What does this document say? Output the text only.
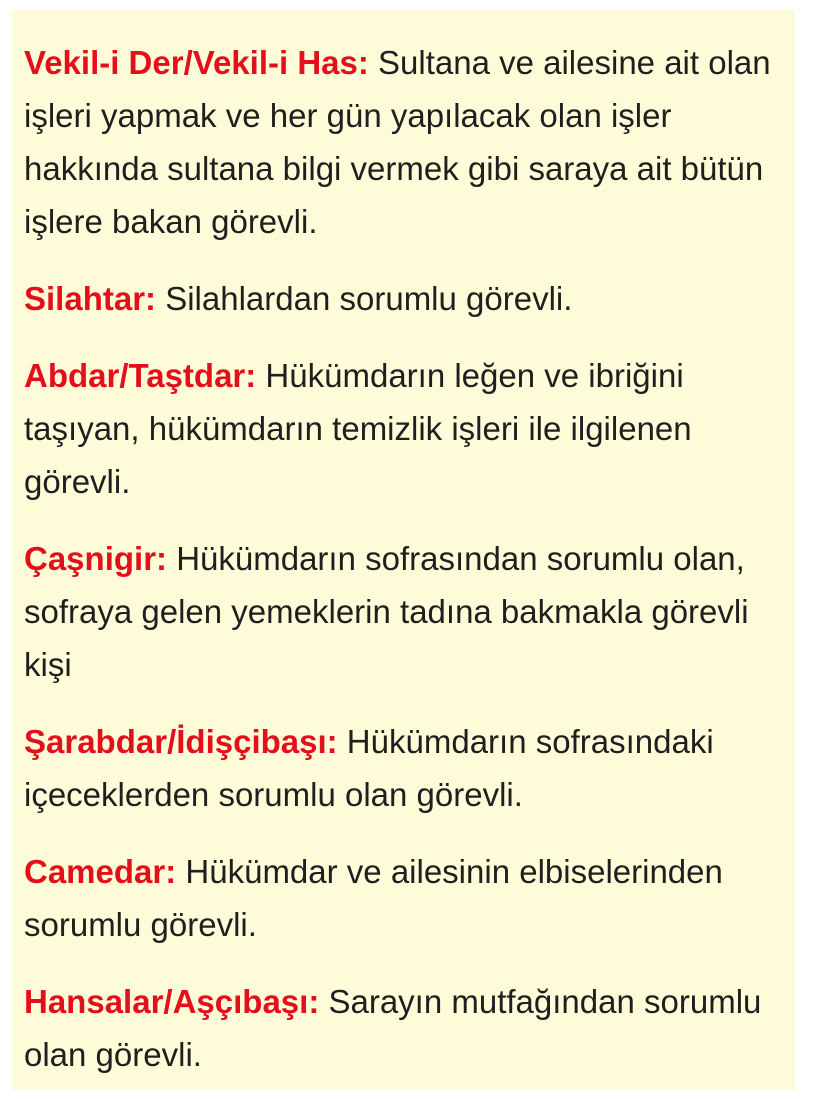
Vekil-i Der/Vekil-i Has: Sultana ve ailesine ait olan işleri yapmak ve her gün yapılacak olan işler hakkında sultana bilgi vermek gibi saraya ait bütün işlere bakan görevli.

Silahtar: Silahlardan sorumlu görevli.

Abdar/Taştdar: Hükümdarın leğen ve ibriğini taşıyan, hükümdarın temizlik işleri ile ilgilenen görevli.

Çaşnigir: Hükümdarın sofrasından sorumlu olan, sofraya gelen yemeklerin tadına bakmakla görevli kişi

Şarabdar/İdişçibaşı: Hükümdarın sofrasındaki içeceklerden sorumlu olan görevli.

Camedar: Hükümdar ve ailesinin elbiselerinden sorumlu görevli.

Hansalar/Aşçıbaşı: Sarayın mutfağından sorumlu olan görevli.
